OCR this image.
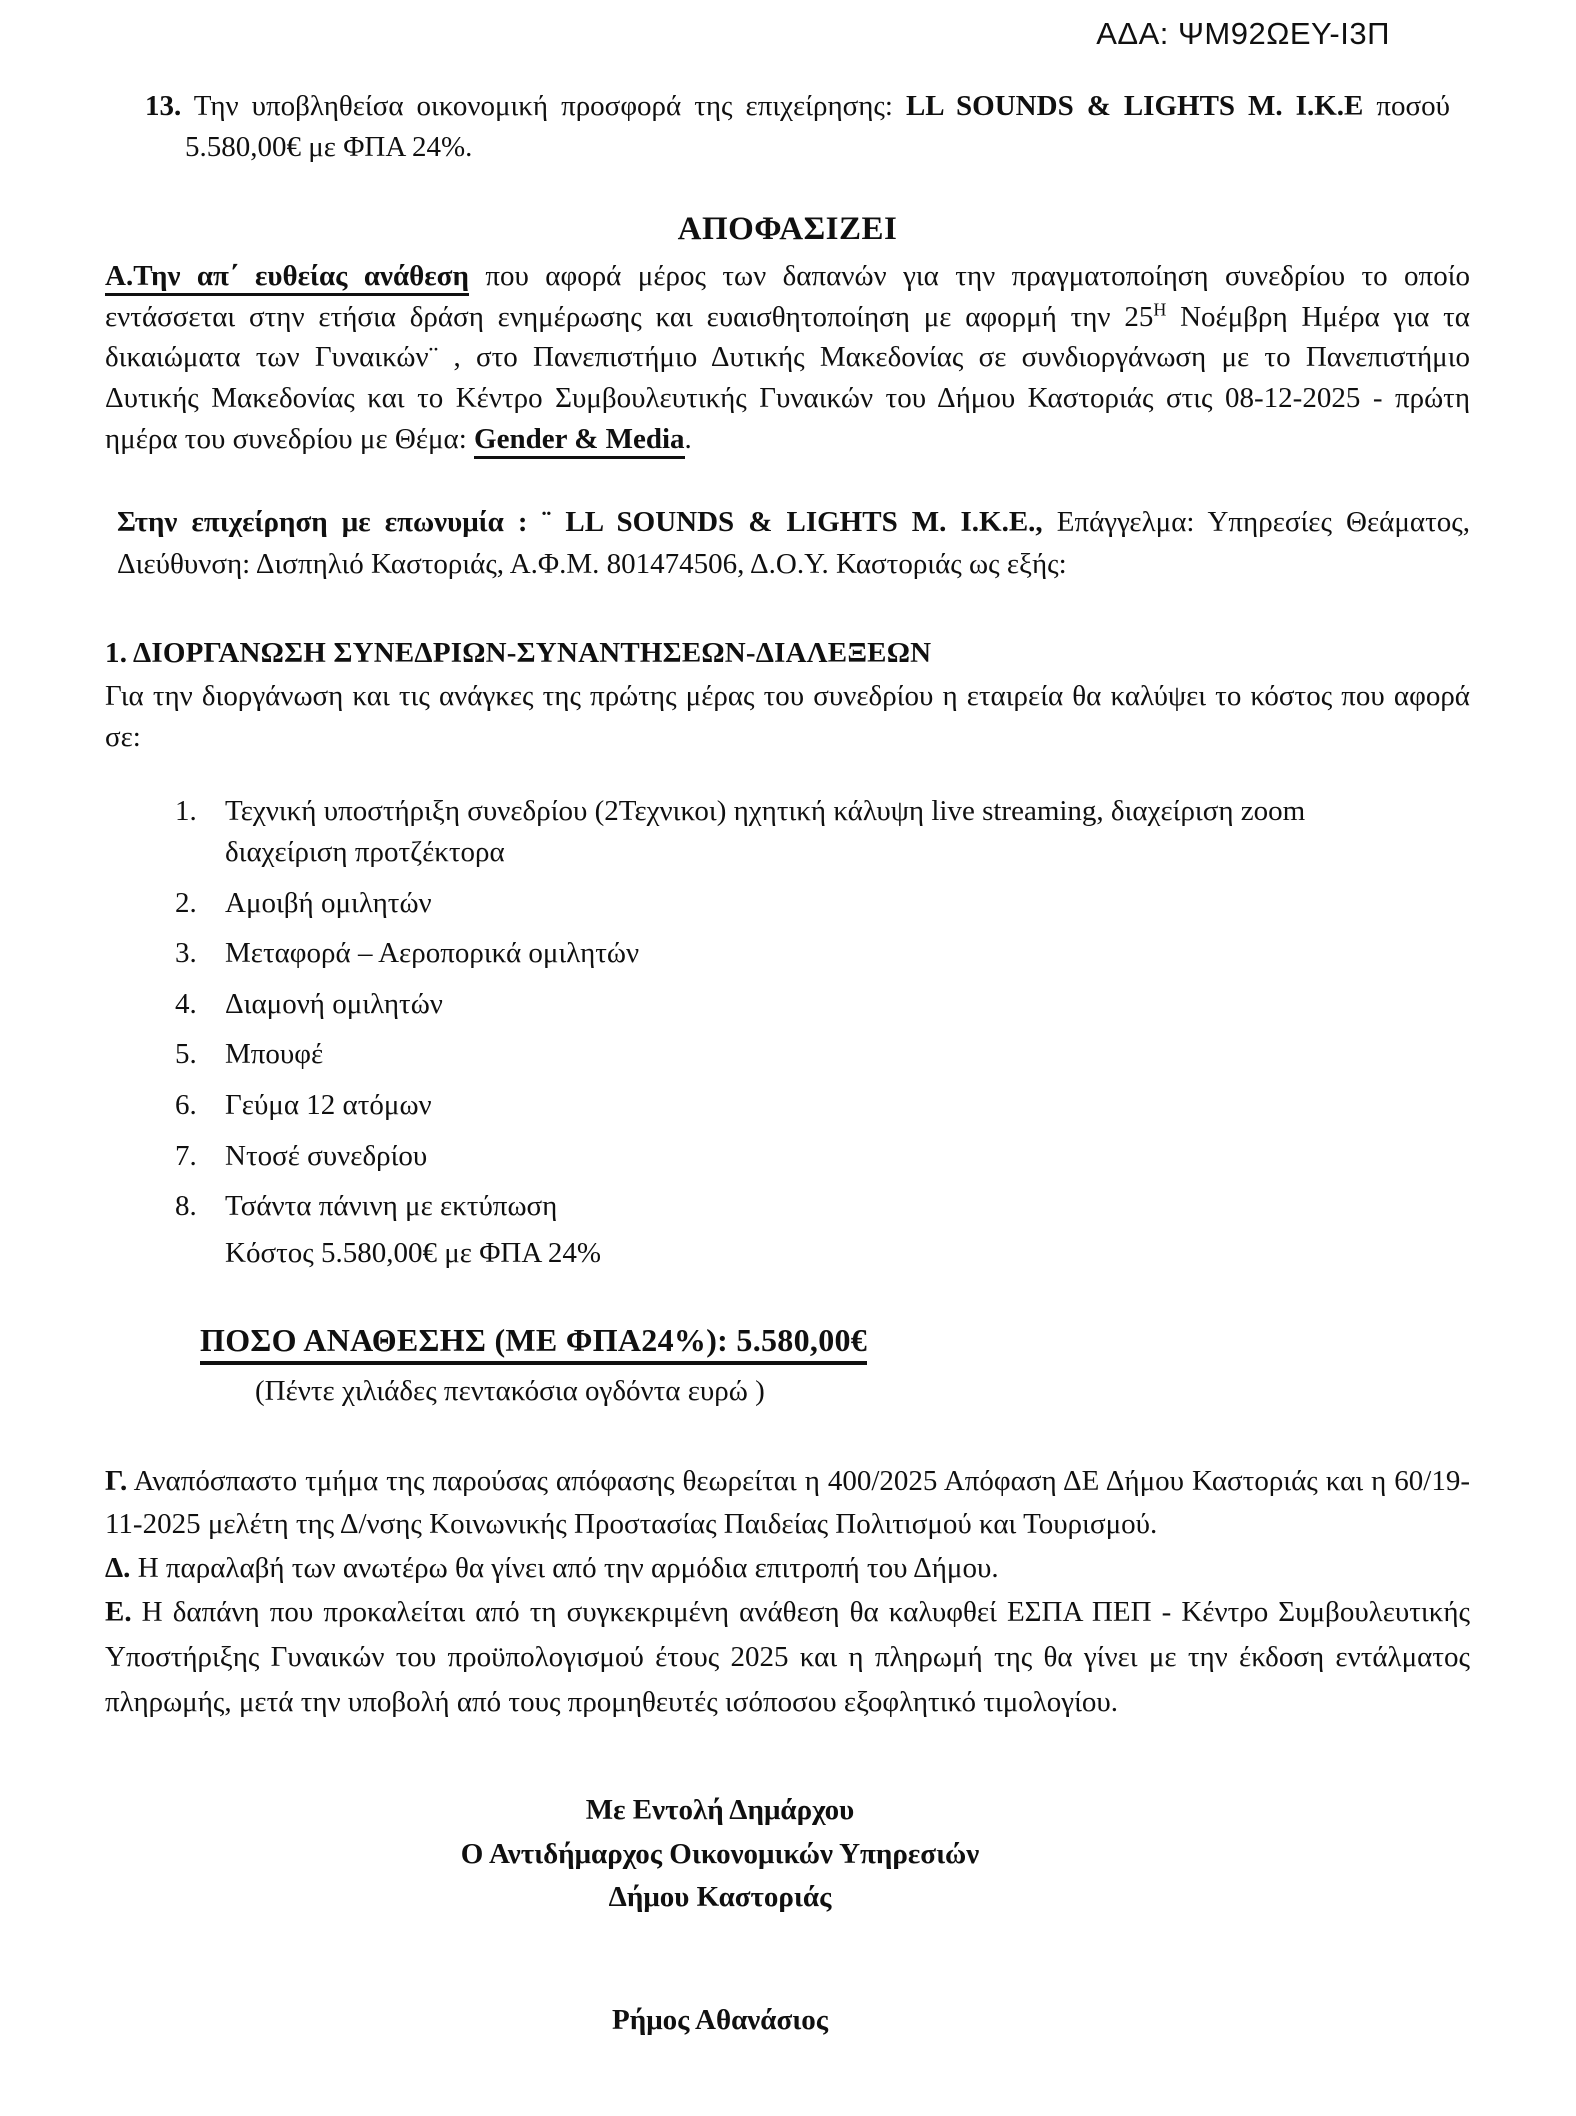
ΑΔΑ: ΨΜ92ΩΕΥ-Ι3Π
13. Την υποβληθείσα οικονομική προσφορά της επιχείρησης: LL SOUNDS & LIGHTS M. Ι.Κ.Ε ποσού 5.580,00€ με ΦΠΑ 24%.
ΑΠΟΦΑΣΙΖΕΙ
Α.Την απ΄ ευθείας ανάθεση που αφορά μέρος των δαπανών για την πραγματοποίηση συνεδρίου το οποίο εντάσσεται στην ετήσια δράση ενημέρωσης και ευαισθητοποίηση με αφορμή την $25^H$ Νοέμβρη Ημέρα για τα δικαιώματα των Γυναικών¨ , στο Πανεπιστήμιο Δυτικής Μακεδονίας σε συνδιοργάνωση με το Πανεπιστήμιο Δυτικής Μακεδονίας και το Κέντρο Συμβουλευτικής Γυναικών του Δήμου Καστοριάς στις 08-12-2025 - πρώτη ημέρα του συνεδρίου με Θέμα: Gender & Media.
Στην επιχείρηση με επωνυμία : ¨ LL SOUNDS & LIGHTS M. Ι.Κ.Ε., Επάγγελμα: Υπηρεσίες Θεάματος, Διεύθυνση: Δισπηλιό Καστοριάς, Α.Φ.Μ. 801474506, Δ.Ο.Υ. Καστοριάς ως εξής:
1. ΔΙΟΡΓΑΝΩΣΗ ΣΥΝΕΔΡΙΩΝ-ΣΥΝΑΝΤΗΣΕΩΝ-ΔΙΑΛΕΞΕΩΝ
Για την διοργάνωση και τις ανάγκες της πρώτης μέρας του συνεδρίου η εταιρεία θα καλύψει το κόστος που αφορά σε:
1. Τεχνική υποστήριξη συνεδρίου (2Τεχνικοι) ηχητική κάλυψη live streaming, διαχείριση zoom διαχείριση προτζέκτορα
2. Αμοιβή ομιλητών
3. Μεταφορά – Αεροπορικά ομιλητών
4. Διαμονή ομιλητών
5. Μπουφέ
6. Γεύμα 12 ατόμων
7. Ντοσέ συνεδρίου
8. Τσάντα πάνινη με εκτύπωση
Κόστος 5.580,00€ με ΦΠΑ 24%
ΠΟΣΟ ΑΝΑΘΕΣΗΣ (ΜΕ ΦΠΑ24%): 5.580,00€
(Πέντε χιλιάδες πεντακόσια ογδόντα ευρώ )
Γ. Αναπόσπαστο τμήμα της παρούσας απόφασης θεωρείται η 400/2025 Απόφαση ΔΕ Δήμου Καστοριάς και η 60/19-11-2025 μελέτη της Δ/νσης Κοινωνικής Προστασίας Παιδείας Πολιτισμού και Τουρισμού.
Δ. Η παραλαβή των ανωτέρω θα γίνει από την αρμόδια επιτροπή του Δήμου.
Ε. Η δαπάνη που προκαλείται από τη συγκεκριμένη ανάθεση θα καλυφθεί ΕΣΠΑ ΠΕΠ - Κέντρο Συμβουλευτικής Υποστήριξης Γυναικών του προϋπολογισμού έτους 2025 και η πληρωμή της θα γίνει με την έκδοση εντάλματος πληρωμής, μετά την υποβολή από τους προμηθευτές ισόποσου εξοφλητικό τιμολογίου.
Με Εντολή Δημάρχου
Ο Αντιδήμαρχος Οικονομικών Υπηρεσιών
Δήμου Καστοριάς
Ρήμος Αθανάσιος
